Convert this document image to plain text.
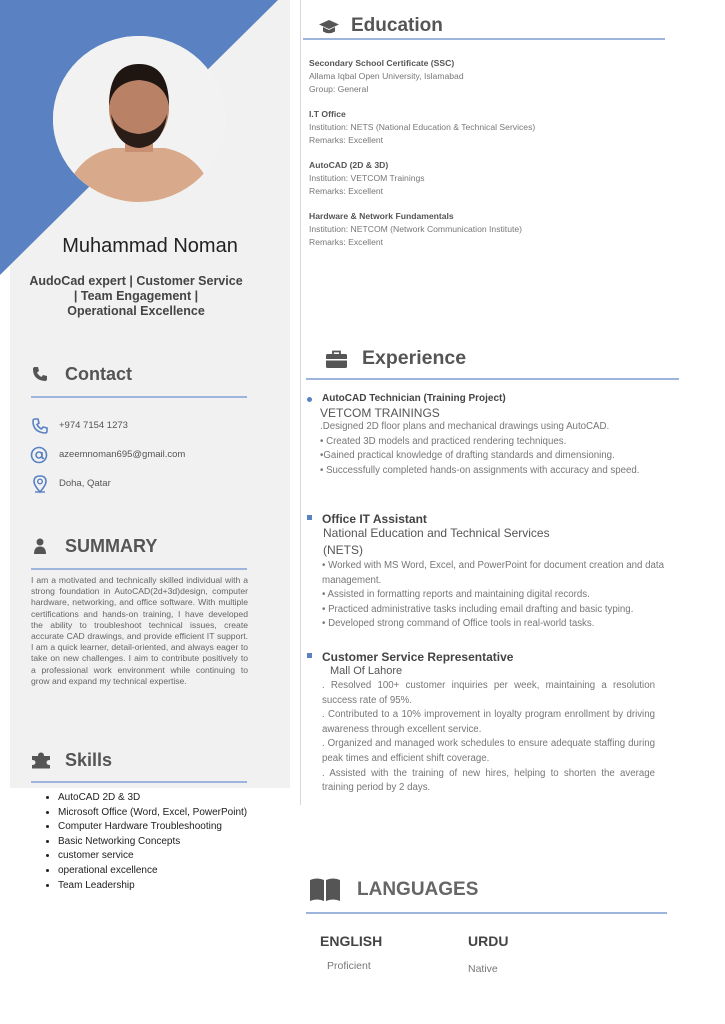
Muhammad Noman
AudoCad expert | Customer Service
| Team Engagement |
Operational Excellence
Contact
+974 7154 1273
azeemnoman695@gmail.com
Doha, Qatar
SUMMARY
I am a motivated and technically skilled individual with a strong foundation in AutoCAD(2d+3d)design, computer hardware, networking, and office software. With multiple certifications and hands-on training, I have developed the ability to troubleshoot technical issues, create accurate CAD drawings, and provide efficient IT support. I am a quick learner, detail-oriented, and always eager to take on new challenges. I aim to contribute positively to a professional work environment while continuing to grow and expand my technical expertise.
Skills
• AutoCAD 2D & 3D
• Microsoft Office (Word, Excel, PowerPoint)
• Computer Hardware Troubleshooting
• Basic Networking Concepts
• customer service
• operational excellence
• Team Leadership
Education
Secondary School Certificate (SSC)
Allama Iqbal Open University, Islamabad
Group: General
I.T Office
Institution: NETS (National Education & Technical Services)
Remarks: Excellent
AutoCAD (2D & 3D)
Institution: VETCOM Trainings
Remarks: Excellent
Hardware & Network Fundamentals
Institution: NETCOM (Network Communication Institute)
Remarks: Excellent
Experience
AutoCAD Technician (Training Project)
VETCOM TRAININGS
.Designed 2D floor plans and mechanical drawings using AutoCAD.
• Created 3D models and practiced rendering techniques.
•Gained practical knowledge of drafting standards and dimensioning.
• Successfully completed hands-on assignments with accuracy and speed.
Office IT Assistant
National Education and Technical Services (NETS)
• Worked with MS Word, Excel, and PowerPoint for document creation and data management.
• Assisted in formatting reports and maintaining digital records.
• Practiced administrative tasks including email drafting and basic typing.
• Developed strong command of Office tools in real-world tasks.
Customer Service Representative
Mall Of Lahore
. Resolved 100+ customer inquiries per week, maintaining a resolution success rate of 95%.
. Contributed to a 10% improvement in loyalty program enrollment by driving awareness through excellent service.
. Organized and managed work schedules to ensure adequate staffing during peak times and efficient shift coverage.
. Assisted with the training of new hires, helping to shorten the average training period by 2 days.
LANGUAGES
ENGLISH
Proficient
URDU
Native
